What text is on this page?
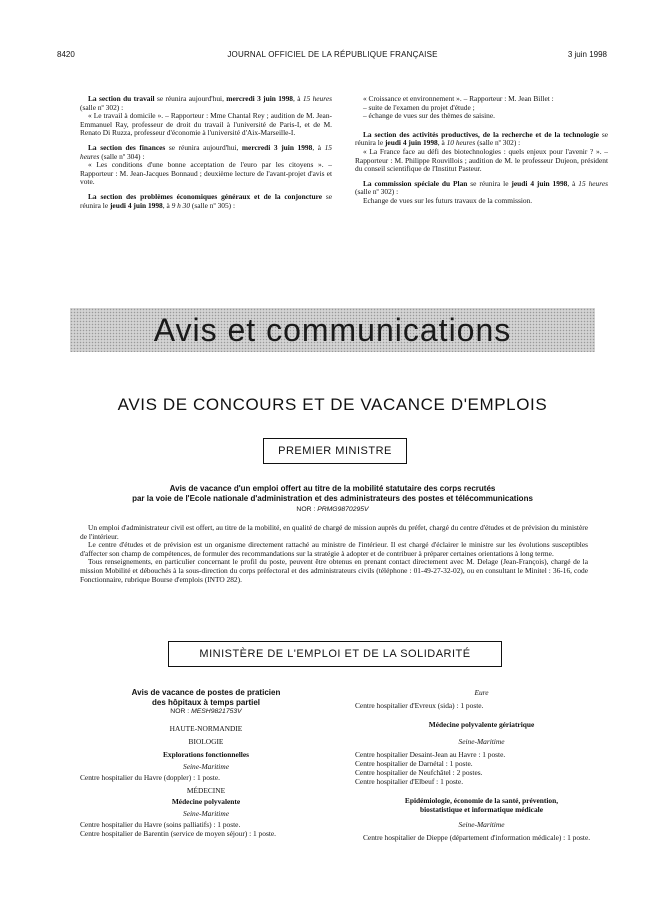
8420	JOURNAL OFFICIEL DE LA RÉPUBLIQUE FRANÇAISE	3 juin 1998

La section du travail se réunira aujourd'hui, mercredi 3 juin 1998, à 15 heures (salle nº 302) :
« Le travail à domicile ». – Rapporteur : Mme Chantal Rey ; audition de M. Jean-Emmanuel Ray, professeur de droit du travail à l'université de Paris-I, et de M. Renato Di Ruzza, professeur d'économie à l'université d'Aix-Marseille-I.

La section des finances se réunira aujourd'hui, mercredi 3 juin 1998, à 15 heures (salle nº 304) :
« Les conditions d'une bonne acceptation de l'euro par les citoyens ». – Rapporteur : M. Jean-Jacques Bonnaud ; deuxième lecture de l'avant-projet d'avis et vote.

La section des problèmes économiques généraux et de la conjoncture se réunira le jeudi 4 juin 1998, à 9 h 30 (salle nº 305) :

« Croissance et environnement ». – Rapporteur : M. Jean Billet :

– suite de l'examen du projet d'étude ;

– échange de vues sur des thèmes de saisine.

La section des activités productives, de la recherche et de la technologie se réunira le jeudi 4 juin 1998, à 10 heures (salle nº 302) :
« La France face au défi des biotechnologies : quels enjeux pour l'avenir ? ». – Rapporteur : M. Philippe Rouvillois ; audition de M. le professeur Dujeon, président du conseil scientifique de l'Institut Pasteur.

La commission spéciale du Plan se réunira le jeudi 4 juin 1998, à 15 heures (salle nº 302) :
Echange de vues sur les futurs travaux de la commission.

Avis et communications
AVIS DE CONCOURS ET DE VACANCE D'EMPLOIS
PREMIER MINISTRE
Avis de vacance d'un emploi offert au titre de la mobilité statutaire des corps recrutés
par la voie de l'Ecole nationale d'administration et des administrateurs des postes et télécommunications
NOR : PRMG9870295V

Un emploi d'administrateur civil est offert, au titre de la mobilité, en qualité de chargé de mission auprès du préfet, chargé du centre d'études et de prévision du ministère de l'intérieur.

Le centre d'études et de prévision est un organisme directement rattaché au ministre de l'intérieur. Il est chargé d'éclairer le ministre sur les évolutions susceptibles d'affecter son champ de compétences, de formuler des recommandations sur la stratégie à adopter et de contribuer à préparer certaines orientations à long terme.

Tous renseignements, en particulier concernant le profil du poste, peuvent être obtenus en prenant contact directement avec M. Delage (Jean-François), chargé de la mission Mobilité et débouchés à la sous-direction du corps préfectoral et des administrateurs civils (téléphone : 01-49-27-32-02), ou en consultant le Minitel : 36-16, code Fonctionnaire, rubrique Bourse d'emplois (INTO 282).

MINISTÈRE DE L'EMPLOI ET DE LA SOLIDARITÉ
Avis de vacance de postes de praticien
des hôpitaux à temps partiel
NOR : MESH9821753V
HAUTE-NORMANDIE
BIOLOGIE
Explorations fonctionnelles
Seine-Maritime
Centre hospitalier du Havre (doppler) : 1 poste.
MÉDECINE
Médecine polyvalente
Seine-Maritime
Centre hospitalier du Havre (soins palliatifs) : 1 poste.
Centre hospitalier de Barentin (service de moyen séjour) : 1 poste.
Eure
Centre hospitalier d'Evreux (sida) : 1 poste.
Médecine polyvalente gériatrique
Seine-Maritime
Centre hospitalier Desaint-Jean au Havre : 1 poste.
Centre hospitalier de Darnétal : 1 poste.
Centre hospitalier de Neufchâtel : 2 postes.
Centre hospitalier d'Elbeuf : 1 poste.
Epidémiologie, économie de la santé, prévention,
biostatistique et informatique médicale
Seine-Maritime
Centre hospitalier de Dieppe (département d'information médicale) : 1 poste.
